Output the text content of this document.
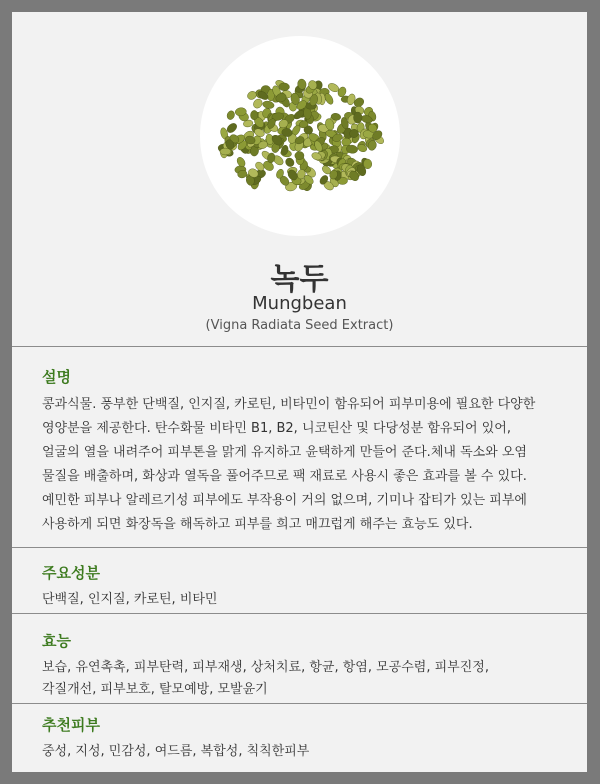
녹두
Mungbean
(Vigna Radiata Seed Extract)
설명
콩과식물. 풍부한 단백질, 인지질, 카로틴, 비타민이 함유되어 피부미용에 필요한 다양한
영양분을 제공한다. 탄수화물 비타민 B1, B2, 니코틴산 및 다당성분 함유되어 있어,
얼굴의 열을 내려주어 피부톤을 맑게 유지하고 윤택하게 만들어 준다.체내 독소와 오염
물질을 배출하며, 화상과 열독을 풀어주므로 팩 재료로 사용시 좋은 효과를 볼 수 있다.
예민한 피부나 알레르기성 피부에도 부작용이 거의 없으며, 기미나 잡티가 있는 피부에
사용하게 되면 화장독을 해독하고 피부를 희고 매끄럽게 해주는 효능도 있다.
주요성분
단백질, 인지질, 카로틴, 비타민
효능
보습, 유연촉촉, 피부탄력, 피부재생, 상처치료, 항균, 항염, 모공수렴, 피부진정,
각질개선, 피부보호, 탈모예방, 모발윤기
추천피부
중성, 지성, 민감성, 여드름, 복합성, 칙칙한피부
